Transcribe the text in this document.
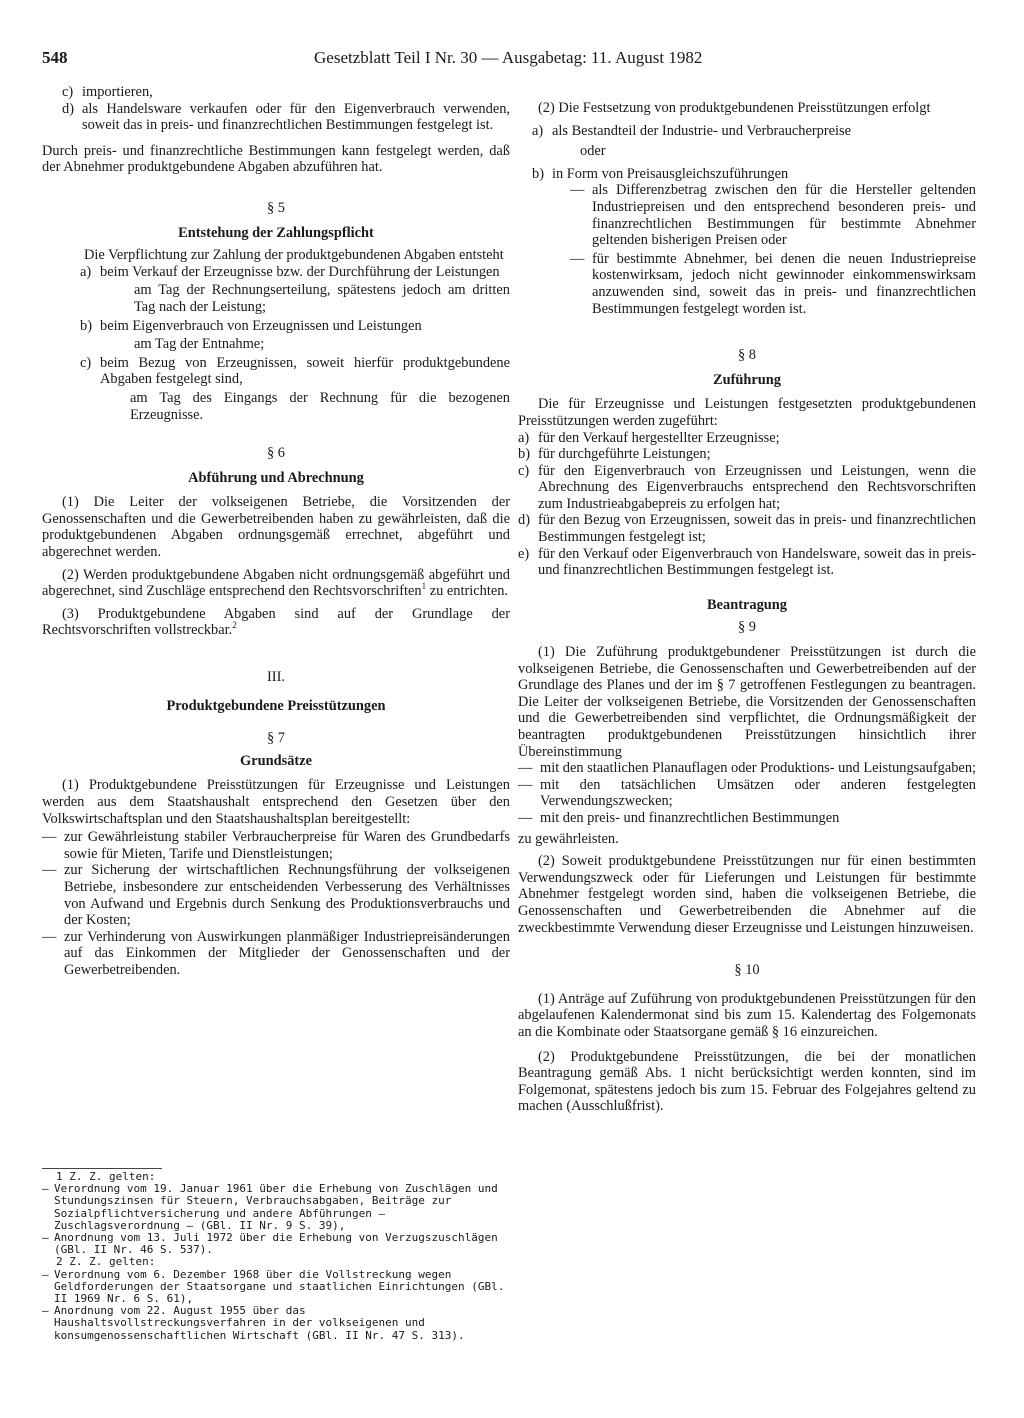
548	Gesetzblatt Teil I Nr. 30 — Ausgabetag: 11. August 1982
c) importieren,
d) als Handelsware verkaufen oder für den Eigenverbrauch verwenden, soweit das in preis- und finanzrechtlichen Bestimmungen festgelegt ist.

Durch preis- und finanzrechtliche Bestimmungen kann festgelegt werden, daß der Abnehmer produktgebundene Abgaben abzuführen hat.

§ 5

Entstehung der Zahlungspflicht

Die Verpflichtung zur Zahlung der produktgebundenen Abgaben entsteht

a) beim Verkauf der Erzeugnisse bzw. der Durchführung der Leistungen

am Tag der Rechnungserteilung, spätestens jedoch am dritten Tag nach der Leistung;

b) beim Eigenverbrauch von Erzeugnissen und Leistungen

am Tag der Entnahme;

c) beim Bezug von Erzeugnissen, soweit hierfür produktgebundene Abgaben festgelegt sind,

am Tag des Eingangs der Rechnung für die bezogenen Erzeugnisse.

§ 6

Abführung und Abrechnung

(1) Die Leiter der volkseigenen Betriebe, die Vorsitzenden der Genossenschaften und die Gewerbetreibenden haben zu gewährleisten, daß die produktgebundenen Abgaben ordnungsgemäß errechnet, abgeführt und abgerechnet werden.

(2) Werden produktgebundene Abgaben nicht ordnungsgemäß abgeführt und abgerechnet, sind Zuschläge entsprechend den Rechtsvorschriften$^1$ zu entrichten.

(3) Produktgebundene Abgaben sind auf der Grundlage der Rechtsvorschriften vollstreckbar.$^2$

III.

Produktgebundene Preisstützungen

§ 7

Grundsätze

(1) Produktgebundene Preisstützungen für Erzeugnisse und Leistungen werden aus dem Staatshaushalt entsprechend den Gesetzen über den Volkswirtschaftsplan und den Staatshaushaltsplan bereitgestellt:

— zur Gewährleistung stabiler Verbraucherpreise für Waren des Grundbedarfs sowie für Mieten, Tarife und Dienstleistungen;
— zur Sicherung der wirtschaftlichen Rechnungsführung der volkseigenen Betriebe, insbesondere zur entscheidenden Verbesserung des Verhältnisses von Aufwand und Ergebnis durch Senkung des Produktionsverbrauchs und der Kosten;
— zur Verhinderung von Auswirkungen planmäßiger Industriepreisänderungen auf das Einkommen der Mitglieder der Genossenschaften und der Gewerbetreibenden.
1 Z. Z. gelten:
– Verordnung vom 19. Januar 1961 über die Erhebung von Zuschlägen und Stundungszinsen für Steuern, Verbrauchsabgaben, Beiträge zur Sozialpflichtversicherung und andere Abführungen — Zuschlagsverordnung — (GBl. II Nr. 9 S. 39),
– Anordnung vom 13. Juli 1972 über die Erhebung von Verzugszuschlägen (GBl. II Nr. 46 S. 537).
2 Z. Z. gelten:
– Verordnung vom 6. Dezember 1968 über die Vollstreckung wegen Geldforderungen der Staatsorgane und staatlichen Einrichtungen (GBl. II 1969 Nr. 6 S. 61),
– Anordnung vom 22. August 1955 über das Haushaltsvollstreckungsverfahren in der volkseigenen und konsumgenossenschaftlichen Wirtschaft (GBl. II Nr. 47 S. 313).

(2) Die Festsetzung von produktgebundenen Preisstützungen erfolgt

a) als Bestandteil der Industrie- und Verbraucherpreise

oder

b) in Form von Preisausgleichszuführungen
— als Differenzbetrag zwischen den für die Hersteller geltenden Industriepreisen und den entsprechend besonderen preis- und finanzrechtlichen Bestimmungen für bestimmte Abnehmer geltenden bisherigen Preisen oder
— für bestimmte Abnehmer, bei denen die neuen Industriepreise kostenwirksam, jedoch nicht gewinnoder einkommenswirksam anzuwenden sind, soweit das in preis- und finanzrechtlichen Bestimmungen festgelegt worden ist.

§ 8

Zuführung

Die für Erzeugnisse und Leistungen festgesetzten produktgebundenen Preisstützungen werden zugeführt:

a) für den Verkauf hergestellter Erzeugnisse;
b) für durchgeführte Leistungen;
c) für den Eigenverbrauch von Erzeugnissen und Leistungen, wenn die Abrechnung des Eigenverbrauchs entsprechend den Rechtsvorschriften zum Industrieabgabepreis zu erfolgen hat;
d) für den Bezug von Erzeugnissen, soweit das in preis- und finanzrechtlichen Bestimmungen festgelegt ist;
e) für den Verkauf oder Eigenverbrauch von Handelsware, soweit das in preis- und finanzrechtlichen Bestimmungen festgelegt ist.

Beantragung

§ 9

(1) Die Zuführung produktgebundener Preisstützungen ist durch die volkseigenen Betriebe, die Genossenschaften und Gewerbetreibenden auf der Grundlage des Planes und der im § 7 getroffenen Festlegungen zu beantragen. Die Leiter der volkseigenen Betriebe, die Vorsitzenden der Genossenschaften und die Gewerbetreibenden sind verpflichtet, die Ordnungsmäßigkeit der beantragten produktgebundenen Preisstützungen hinsichtlich ihrer Übereinstimmung

— mit den staatlichen Planauflagen oder Produktions- und Leistungsaufgaben;
— mit den tatsächlichen Umsätzen oder anderen festgelegten Verwendungszwecken;
— mit den preis- und finanzrechtlichen Bestimmungen

zu gewährleisten.

(2) Soweit produktgebundene Preisstützungen nur für einen bestimmten Verwendungszweck oder für Lieferungen und Leistungen für bestimmte Abnehmer festgelegt worden sind, haben die volkseigenen Betriebe, die Genossenschaften und Gewerbetreibenden die Abnehmer auf die zweckbestimmte Verwendung dieser Erzeugnisse und Leistungen hinzuweisen.

§ 10

(1) Anträge auf Zuführung von produktgebundenen Preisstützungen für den abgelaufenen Kalendermonat sind bis zum 15. Kalendertag des Folgemonats an die Kombinate oder Staatsorgane gemäß § 16 einzureichen.

(2) Produktgebundene Preisstützungen, die bei der monatlichen Beantragung gemäß Abs. 1 nicht berücksichtigt werden konnten, sind im Folgemonat, spätestens jedoch bis zum 15. Februar des Folgejahres geltend zu machen (Ausschlußfrist).
